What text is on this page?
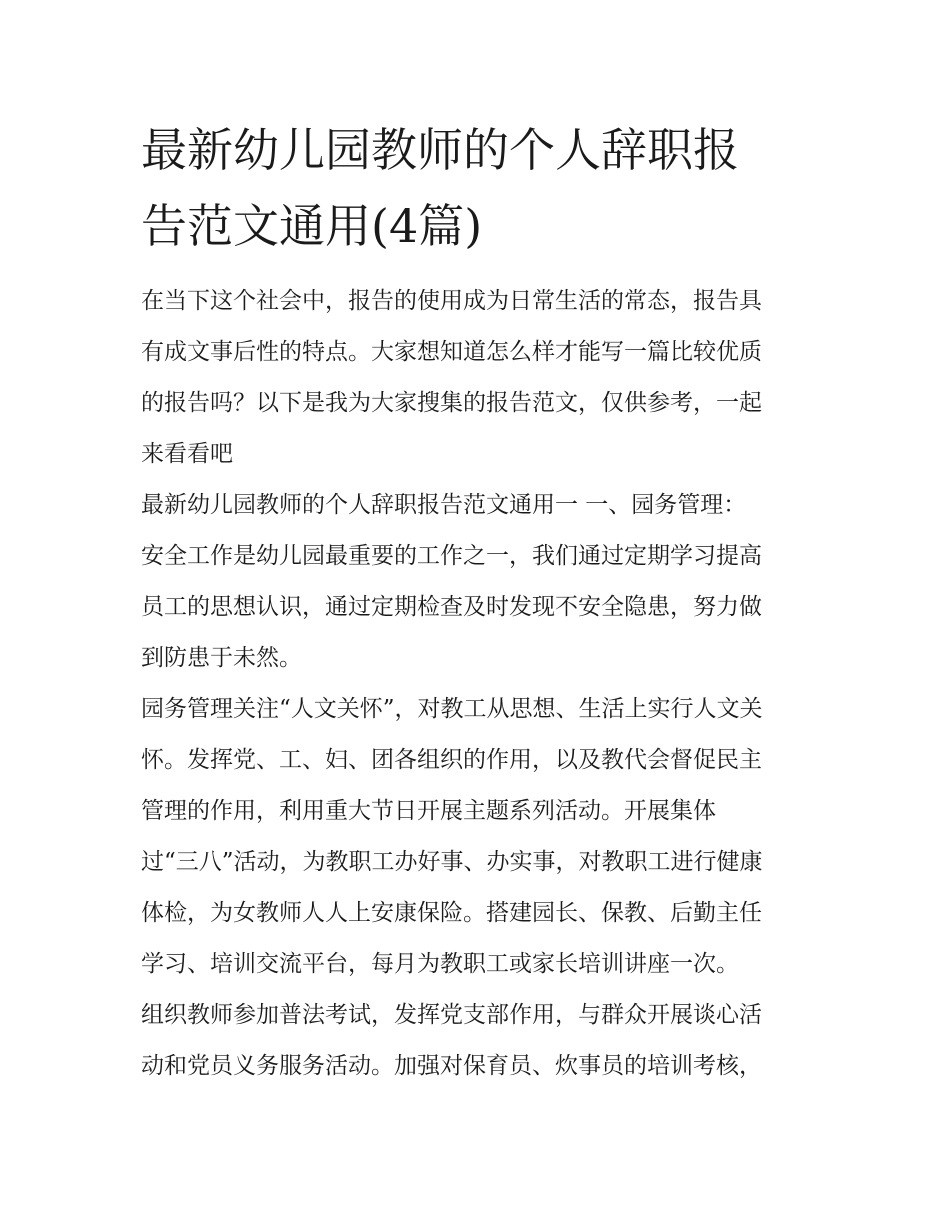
最新幼儿园教师的个人辞职报
告范文通用(4篇)
在当下这个社会中，报告的使用成为日常生活的常态，报告具
有成文事后性的特点。大家想知道怎么样才能写一篇比较优质
的报告吗？以下是我为大家搜集的报告范文，仅供参考，一起
来看看吧
最新幼儿园教师的个人辞职报告范文通用一 一、园务管理：
安全工作是幼儿园最重要的工作之一，我们通过定期学习提高
员工的思想认识，通过定期检查及时发现不安全隐患，努力做
到防患于未然。
园务管理关注“人文关怀”，对教工从思想、生活上实行人文关
怀。发挥党、工、妇、团各组织的作用，以及教代会督促民主
管理的作用，利用重大节日开展主题系列活动。开展集体
过“三八”活动，为教职工办好事、办实事，对教职工进行健康
体检，为女教师人人上安康保险。搭建园长、保教、后勤主任
学习、培训交流平台，每月为教职工或家长培训讲座一次。
组织教师参加普法考试，发挥党支部作用，与群众开展谈心活
动和党员义务服务活动。加强对保育员、炊事员的培训考核，
